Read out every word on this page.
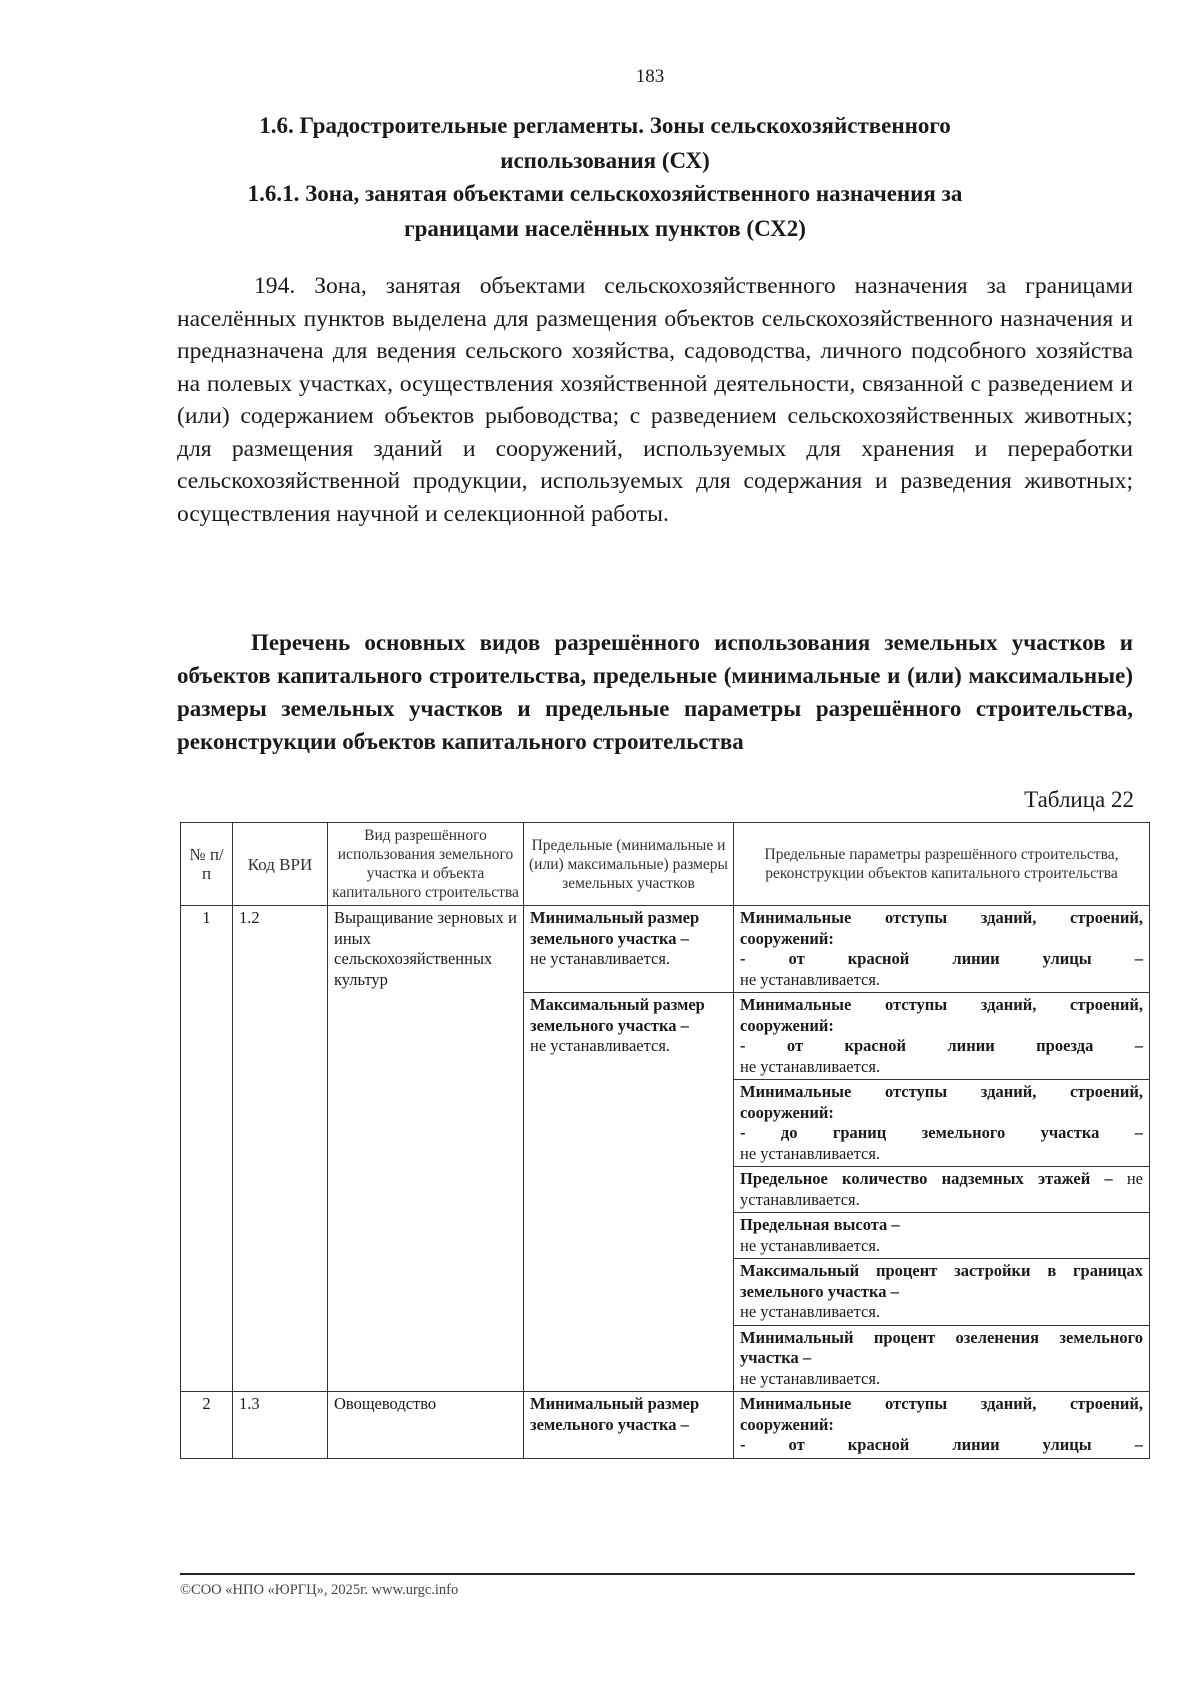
183
1.6. Градостроительные регламенты. Зоны сельскохозяйственного
использования (СХ)
1.6.1. Зона, занятая объектами сельскохозяйственного назначения за
границами населённых пунктов (СХ2)

194. Зона, занятая объектами сельскохозяйственного назначения за границами населённых пунктов выделена для размещения объектов сельскохозяйственного назначения и предназначена для ведения сельского хозяйства, садоводства, личного подсобного хозяйства на полевых участках, осуществления хозяйственной деятельности, связанной с разведением и (или) содержанием объектов рыбоводства; с разведением сельскохозяйственных животных; для размещения зданий и сооружений, используемых для хранения и переработки сельскохозяйственной продукции, используемых для содержания и разведения животных; осуществления научной и селекционной работы.

Перечень основных видов разрешённого использования земельных участков и объектов капитального строительства, предельные (минимальные и (или) максимальные) размеры земельных участков и предельные параметры разрешённого строительства, реконструкции объектов капитального строительства

Таблица 22
№ п/п	Код ВРИ	Вид разрешённого использования земельного участка и объекта капитального строительства	Предельные (минимальные и (или) максимальные) размеры земельных участков	Предельные параметры разрешённого строительства, реконструкции объектов капитального строительства
1	1.2	Выращивание зерновых и иных сельскохозяйственных культур	Минимальный размер земельного участка –
не устанавливается.	Минимальные отступы зданий, строений, сооружений:
- от красной линии улицы –
не устанавливается.
			Максимальный размер земельного участка –
не устанавливается.	Минимальные отступы зданий, строений, сооружений:
- от красной линии проезда –
не устанавливается.

				Минимальные отступы зданий, строений, сооружений:
- до границ земельного участка –
не устанавливается.
				Предельное количество надземных этажей – не устанавливается.
				Предельная высота –
не устанавливается.
				Максимальный процент застройки в границах земельного участка –
не устанавливается.
				Минимальный процент озеленения земельного участка –
не устанавливается.
2	1.3	Овощеводство	Минимальный размер земельного участка –	Минимальные отступы зданий, строений, сооружений:
- от красной линии улицы –
©СОО «НПО «ЮРГЦ», 2025г. www.urgc.info
